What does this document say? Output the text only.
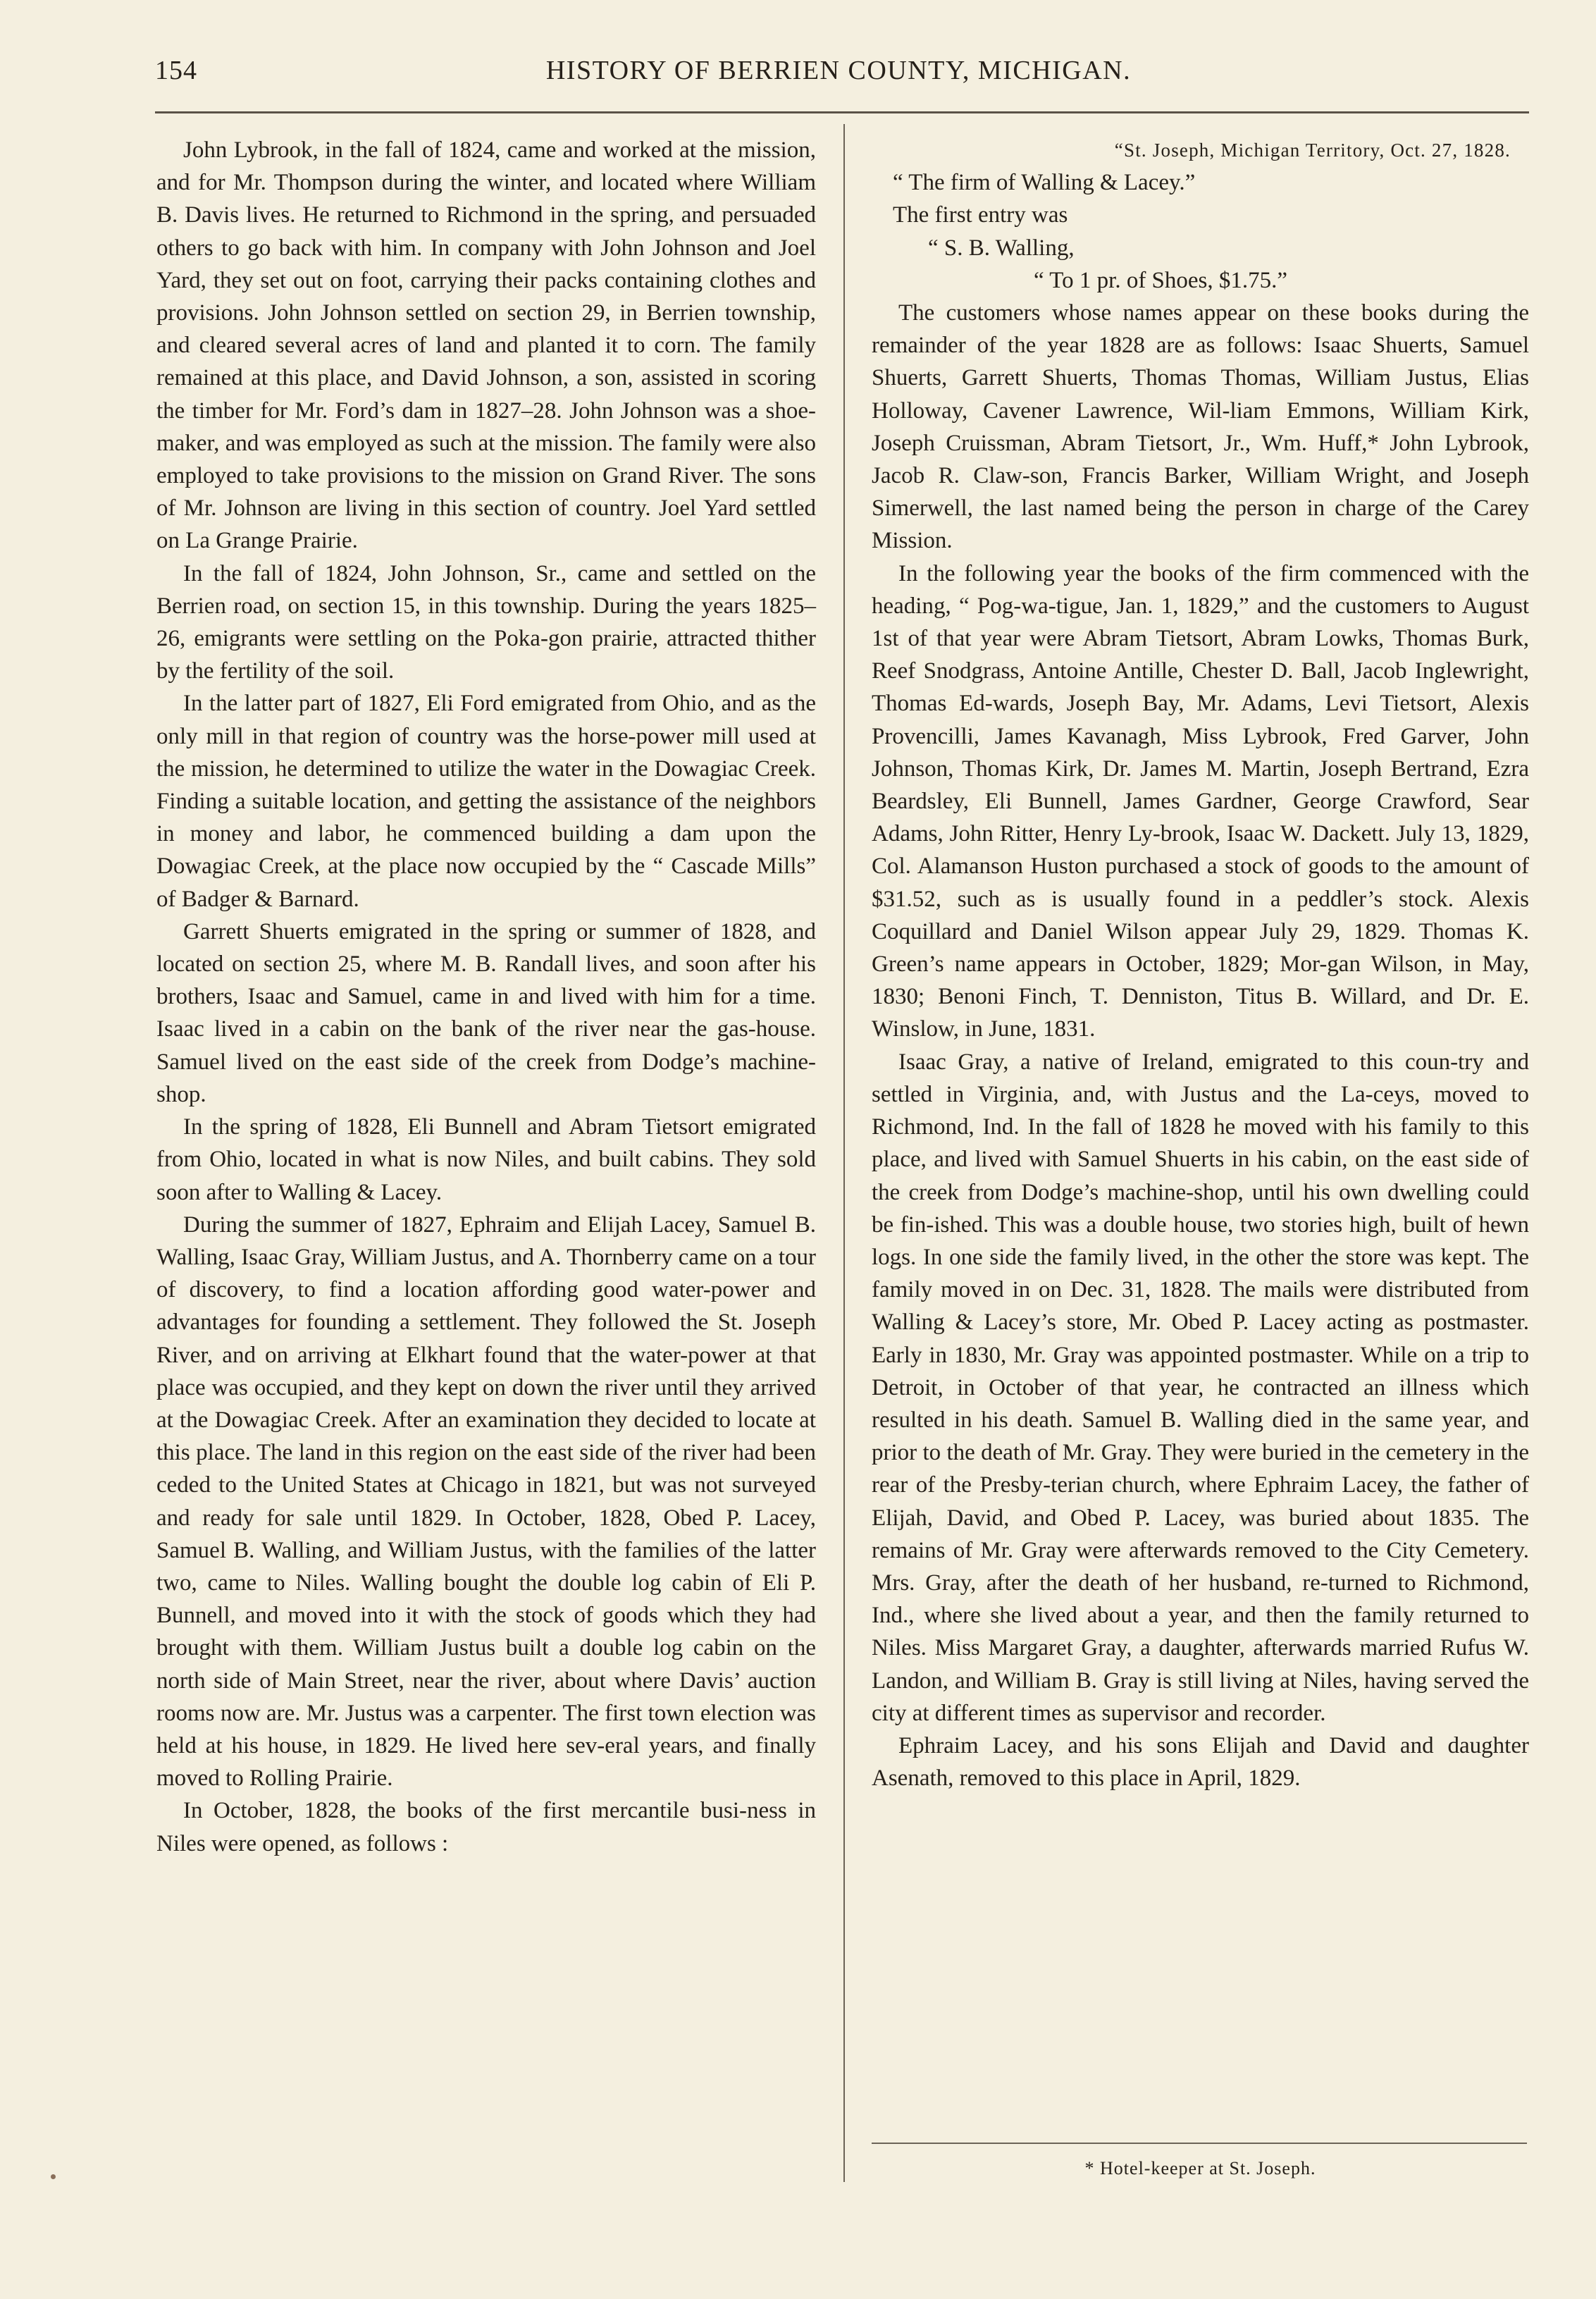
154	HISTORY OF BERRIEN COUNTY, MICHIGAN.

John Lybrook, in the fall of 1824, came and worked at the mission, and for Mr. Thompson during the winter, and located where William B. Davis lives. He returned to Richmond in the spring, and persuaded others to go back with him. In company with John Johnson and Joel Yard, they set out on foot, carrying their packs containing clothes and provisions. John Johnson settled on section 29, in Berrien township, and cleared several acres of land and planted it to corn. The family remained at this place, and David Johnson, a son, assisted in scoring the timber for Mr. Ford’s dam in 1827–28. John Johnson was a shoe-maker, and was employed as such at the mission. The family were also employed to take provisions to the mission on Grand River. The sons of Mr. Johnson are living in this section of country. Joel Yard settled on La Grange Prairie.

In the fall of 1824, John Johnson, Sr., came and settled on the Berrien road, on section 15, in this township. During the years 1825–26, emigrants were settling on the Poka-gon prairie, attracted thither by the fertility of the soil.

In the latter part of 1827, Eli Ford emigrated from Ohio, and as the only mill in that region of country was the horse-power mill used at the mission, he determined to utilize the water in the Dowagiac Creek. Finding a suitable location, and getting the assistance of the neighbors in money and labor, he commenced building a dam upon the Dowagiac Creek, at the place now occupied by the “ Cascade Mills” of Badger & Barnard.

Garrett Shuerts emigrated in the spring or summer of 1828, and located on section 25, where M. B. Randall lives, and soon after his brothers, Isaac and Samuel, came in and lived with him for a time. Isaac lived in a cabin on the bank of the river near the gas-house. Samuel lived on the east side of the creek from Dodge’s machine-shop.

In the spring of 1828, Eli Bunnell and Abram Tietsort emigrated from Ohio, located in what is now Niles, and built cabins. They sold soon after to Walling & Lacey.

During the summer of 1827, Ephraim and Elijah Lacey, Samuel B. Walling, Isaac Gray, William Justus, and A. Thornberry came on a tour of discovery, to find a location affording good water-power and advantages for founding a settlement. They followed the St. Joseph River, and on arriving at Elkhart found that the water-power at that place was occupied, and they kept on down the river until they arrived at the Dowagiac Creek. After an examination they decided to locate at this place. The land in this region on the east side of the river had been ceded to the United States at Chicago in 1821, but was not surveyed and ready for sale until 1829. In October, 1828, Obed P. Lacey, Samuel B. Walling, and William Justus, with the families of the latter two, came to Niles. Walling bought the double log cabin of Eli P. Bunnell, and moved into it with the stock of goods which they had brought with them. William Justus built a double log cabin on the north side of Main Street, near the river, about where Davis’ auction rooms now are. Mr. Justus was a carpenter. The first town election was held at his house, in 1829. He lived here sev-eral years, and finally moved to Rolling Prairie.

In October, 1828, the books of the first mercantile busi-ness in Niles were opened, as follows :

“St. Joseph, Michigan Territory, Oct. 27, 1828.
“ The firm of Walling & Lacey.”
The first entry was
“ S. B. Walling,
“ To 1 pr. of Shoes, $1.75.”

The customers whose names appear on these books during the remainder of the year 1828 are as follows: Isaac Shuerts, Samuel Shuerts, Garrett Shuerts, Thomas Thomas, William Justus, Elias Holloway, Cavener Lawrence, Wil-liam Emmons, William Kirk, Joseph Cruissman, Abram Tietsort, Jr., Wm. Huff,* John Lybrook, Jacob R. Claw-son, Francis Barker, William Wright, and Joseph Simerwell, the last named being the person in charge of the Carey Mission.

In the following year the books of the firm commenced with the heading, “ Pog-wa-tigue, Jan. 1, 1829,” and the customers to August 1st of that year were Abram Tietsort, Abram Lowks, Thomas Burk, Reef Snodgrass, Antoine Antille, Chester D. Ball, Jacob Inglewright, Thomas Ed-wards, Joseph Bay, Mr. Adams, Levi Tietsort, Alexis Provencilli, James Kavanagh, Miss Lybrook, Fred Garver, John Johnson, Thomas Kirk, Dr. James M. Martin, Joseph Bertrand, Ezra Beardsley, Eli Bunnell, James Gardner, George Crawford, Sear Adams, John Ritter, Henry Ly-brook, Isaac W. Dackett. July 13, 1829, Col. Alamanson Huston purchased a stock of goods to the amount of $31.52, such as is usually found in a peddler’s stock. Alexis Coquillard and Daniel Wilson appear July 29, 1829. Thomas K. Green’s name appears in October, 1829; Mor-gan Wilson, in May, 1830; Benoni Finch, T. Denniston, Titus B. Willard, and Dr. E. Winslow, in June, 1831.

Isaac Gray, a native of Ireland, emigrated to this coun-try and settled in Virginia, and, with Justus and the La-ceys, moved to Richmond, Ind. In the fall of 1828 he moved with his family to this place, and lived with Samuel Shuerts in his cabin, on the east side of the creek from Dodge’s machine-shop, until his own dwelling could be fin-ished. This was a double house, two stories high, built of hewn logs. In one side the family lived, in the other the store was kept. The family moved in on Dec. 31, 1828. The mails were distributed from Walling & Lacey’s store, Mr. Obed P. Lacey acting as postmaster. Early in 1830, Mr. Gray was appointed postmaster. While on a trip to Detroit, in October of that year, he contracted an illness which resulted in his death. Samuel B. Walling died in the same year, and prior to the death of Mr. Gray. They were buried in the cemetery in the rear of the Presby-terian church, where Ephraim Lacey, the father of Elijah, David, and Obed P. Lacey, was buried about 1835. The remains of Mr. Gray were afterwards removed to the City Cemetery. Mrs. Gray, after the death of her husband, re-turned to Richmond, Ind., where she lived about a year, and then the family returned to Niles. Miss Margaret Gray, a daughter, afterwards married Rufus W. Landon, and William B. Gray is still living at Niles, having served the city at different times as supervisor and recorder.

Ephraim Lacey, and his sons Elijah and David and daughter Asenath, removed to this place in April, 1829.

* Hotel-keeper at St. Joseph.
